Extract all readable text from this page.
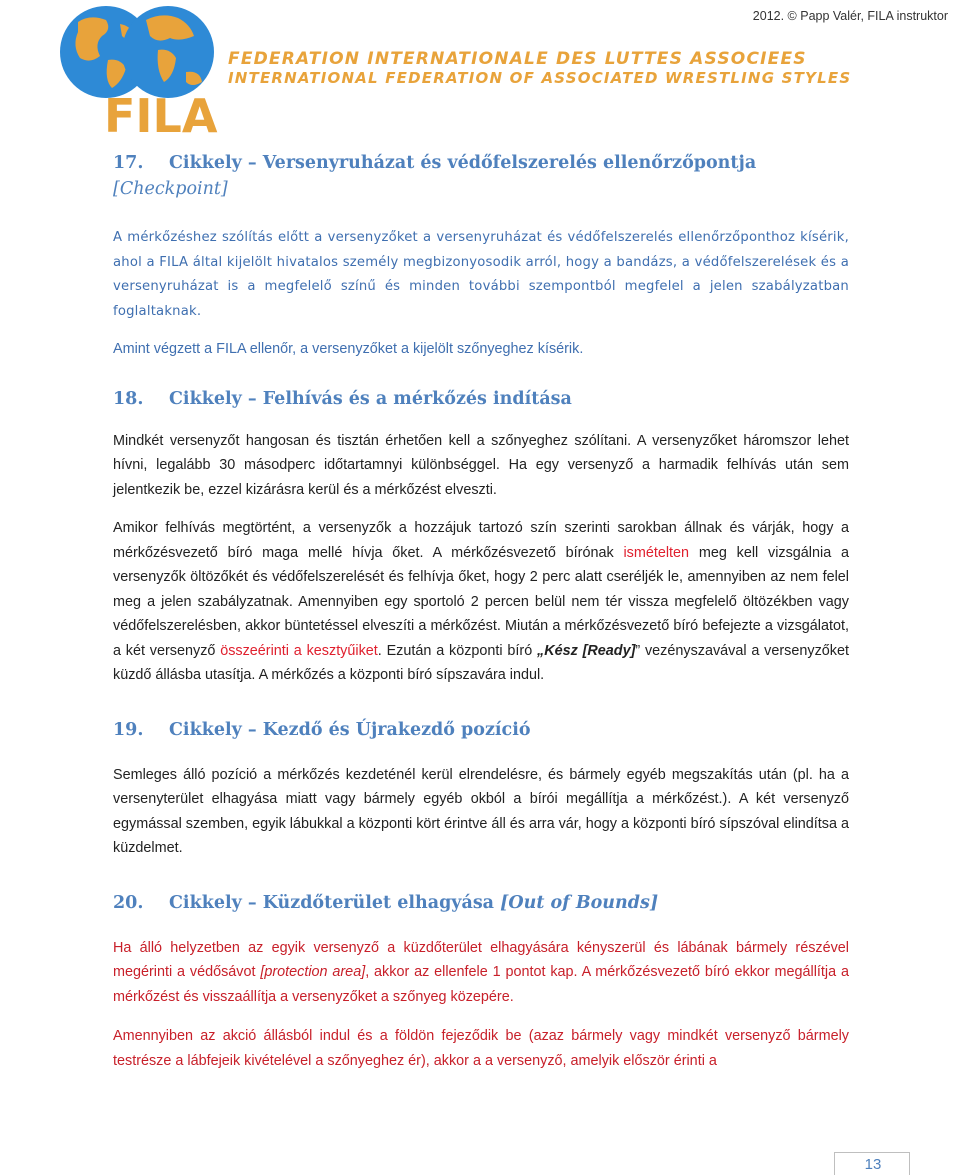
2012. © Papp Valér, FILA instruktor
FILA
FEDERATION INTERNATIONALE DES LUTTES ASSOCIEES
INTERNATIONAL FEDERATION OF ASSOCIATED WRESTLING STYLES
17. Cikkely – Versenyruházat és védőfelszerelés ellenőrzőpontja
[Checkpoint]

A mérkőzéshez szólítás előtt a versenyzőket a versenyruházat és védőfelszerelés ellenőrzőponthoz kísérik, ahol a FILA által kijelölt hivatalos személy megbizonyosodik arról, hogy a bandázs, a védőfelszerelések és a versenyruházat is a megfelelő színű és minden további szempontból megfelel a jelen szabályzatban foglaltaknak.

Amint végzett a FILA ellenőr, a versenyzőket a kijelölt szőnyeghez kísérik.

18. Cikkely – Felhívás és a mérkőzés indítása

Mindkét versenyzőt hangosan és tisztán érhetően kell a szőnyeghez szólítani. A versenyzőket háromszor lehet hívni, legalább 30 másodperc időtartamnyi különbséggel. Ha egy versenyző a harmadik felhívás után sem jelentkezik be, ezzel kizárásra kerül és a mérkőzést elveszti.

Amikor felhívás megtörtént, a versenyzők a hozzájuk tartozó szín szerinti sarokban állnak és várják, hogy a mérkőzésvezető bíró maga mellé hívja őket. A mérkőzésvezető bírónak ismételten meg kell vizsgálnia a versenyzők öltözőkét és védőfelszerelését és felhívja őket, hogy 2 perc alatt cseréljék le, amennyiben az nem felel meg a jelen szabályzatnak. Amennyiben egy sportoló 2 percen belül nem tér vissza megfelelő öltözékben vagy védőfelszerelésben, akkor büntetéssel elveszíti a mérkőzést. Miután a mérkőzésvezető bíró befejezte a vizsgálatot, a két versenyző összeérinti a kesztyűiket. Ezután a központi bíró „Kész [Ready]” vezényszavával a versenyzőket küzdő állásba utasítja. A mérkőzés a központi bíró sípszavára indul.

19. Cikkely – Kezdő és Újrakezdő pozíció

Semleges álló pozíció a mérkőzés kezdeténél kerül elrendelésre, és bármely egyéb megszakítás után (pl. ha a versenyterület elhagyása miatt vagy bármely egyéb okból a bírói megállítja a mérkőzést.). A két versenyző egymással szemben, egyik lábukkal a központi kört érintve áll és arra vár, hogy a központi bíró sípszóval elindítsa a küzdelmet.

20. Cikkely – Küzdőterület elhagyása [Out of Bounds]

Ha álló helyzetben az egyik versenyző a küzdőterület elhagyására kényszerül és lábának bármely részével megérinti a védősávot [protection area], akkor az ellenfele 1 pontot kap. A mérkőzésvezető bíró ekkor megállítja a mérkőzést és visszaállítja a versenyzőket a szőnyeg közepére.

Amennyiben az akció állásból indul és a földön fejeződik be (azaz bármely vagy mindkét versenyző bármely testrésze a lábfejeik kivételével a szőnyeghez ér), akkor a a versenyző, amelyik először érinti a

13
